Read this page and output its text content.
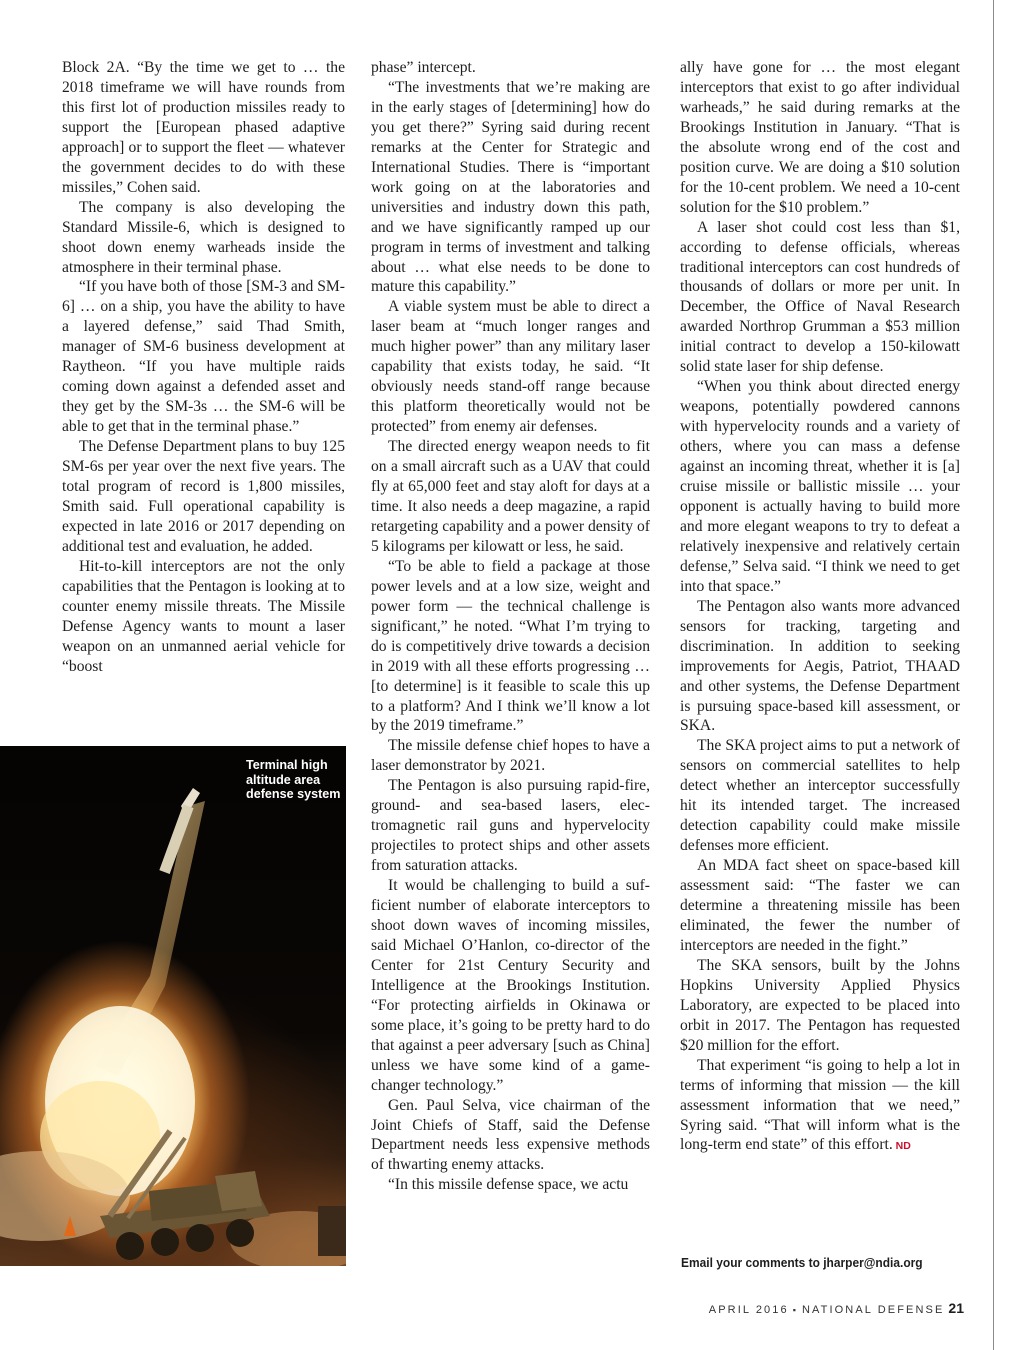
Block 2A. “By the time we get to … the 2018 timeframe we will have rounds from this first lot of production missiles ready to support the [European phased adaptive approach] or to support the fleet — whatever the government decides to do with these missiles,” Cohen said.

The company is also developing the Standard Missile-6, which is designed to shoot down enemy warheads inside the atmosphere in their terminal phase.

“If you have both of those [SM-3 and SM-6] … on a ship, you have the ability to have a layered defense,” said Thad Smith, manager of SM-6 business development at Raytheon. “If you have multiple raids coming down against a defended asset and they get by the SM-3s … the SM-6 will be able to get that in the terminal phase.”

The Defense Department plans to buy 125 SM-6s per year over the next five years. The total program of record is 1,800 missiles, Smith said. Full operational capability is expected in late 2016 or 2017 depending on additional test and evaluation, he added.

Hit-to-kill interceptors are not the only capabilities that the Pentagon is looking at to counter enemy missile threats. The Missile Defense Agency wants to mount a laser weapon on an unmanned aerial vehicle for “boost

phase” intercept.

“The investments that we’re making are in the early stages of [determining] how do you get there?” Syring said during recent remarks at the Center for Strategic and International Studies. There is “important work going on at the laboratories and universities and industry down this path, and we have significantly ramped up our program in terms of investment and talking about … what else needs to be done to mature this capability.”

A viable system must be able to direct a laser beam at “much longer ranges and much higher power” than any military laser capability that exists today, he said. “It obviously needs stand-off range because this platform theoretically would not be protected” from enemy air defenses.

The directed energy weapon needs to fit on a small aircraft such as a UAV that could fly at 65,000 feet and stay aloft for days at a time. It also needs a deep magazine, a rapid retargeting capability and a power density of 5 kilograms per kilowatt or less, he said.

“To be able to field a package at those power levels and at a low size, weight and power form — the technical challenge is significant,” he noted. “What I’m trying to do is competitively drive towards a decision in 2019 with all these efforts progressing … [to determine] is it feasible to scale this up to a platform? And I think we’ll know a lot by the 2019 timeframe.”

The missile defense chief hopes to have a laser demonstrator by 2021.

The Pentagon is also pursuing rapid-fire, ground- and sea-based lasers, electromagnetic rail guns and hypervelocity projectiles to protect ships and other assets from saturation attacks.

It would be challenging to build a sufficient number of elaborate interceptors to shoot down waves of incoming missiles, said Michael O’Hanlon, co-director of the Center for 21st Century Security and Intelligence at the Brookings Institution. “For protecting airfields in Okinawa or some place, it’s going to be pretty hard to do that against a peer adversary [such as China] unless we have some kind of a game-changer technology.”

Gen. Paul Selva, vice chairman of the Joint Chiefs of Staff, said the Defense Department needs less expensive methods of thwarting enemy attacks.

“In this missile defense space, we actu

ally have gone for … the most elegant interceptors that exist to go after individual warheads,” he said during remarks at the Brookings Institution in January. “That is the absolute wrong end of the cost and position curve. We are doing a $10 solution for the 10-cent problem. We need a 10-cent solution for the $10 problem.”

A laser shot could cost less than $1, according to defense officials, whereas traditional interceptors can cost hundreds of thousands of dollars or more per unit. In December, the Office of Naval Research awarded Northrop Grumman a $53 million initial contract to develop a 150-kilowatt solid state laser for ship defense.

“When you think about directed energy weapons, potentially powdered cannons with hypervelocity rounds and a variety of others, where you can mass a defense against an incoming threat, whether it is [a] cruise missile or ballistic missile … your opponent is actually having to build more and more elegant weapons to try to defeat a relatively inexpensive and relatively certain defense,” Selva said. “I think we need to get into that space.”

The Pentagon also wants more advanced sensors for tracking, targeting and discrimination. In addition to seeking improvements for Aegis, Patriot, THAAD and other systems, the Defense Department is pursuing space-based kill assessment, or SKA.

The SKA project aims to put a network of sensors on commercial satellites to help detect whether an interceptor successfully hit its intended target. The increased detection capability could make missile defenses more efficient.

An MDA fact sheet on space-based kill assessment said: “The faster we can determine a threatening missile has been eliminated, the fewer the number of interceptors are needed in the fight.”

The SKA sensors, built by the Johns Hopkins University Applied Physics Laboratory, are expected to be placed into orbit in 2017. The Pentagon has requested $20 million for the effort.

That experiment “is going to help a lot in terms of informing that mission — the kill assessment information that we need,” Syring said. “That will inform what is the long-term end state” of this effort. ND

Terminal high altitude area defense system
Email your comments to jharper@ndia.org
APRIL 2016 ▪ NATIONAL DEFENSE 21
